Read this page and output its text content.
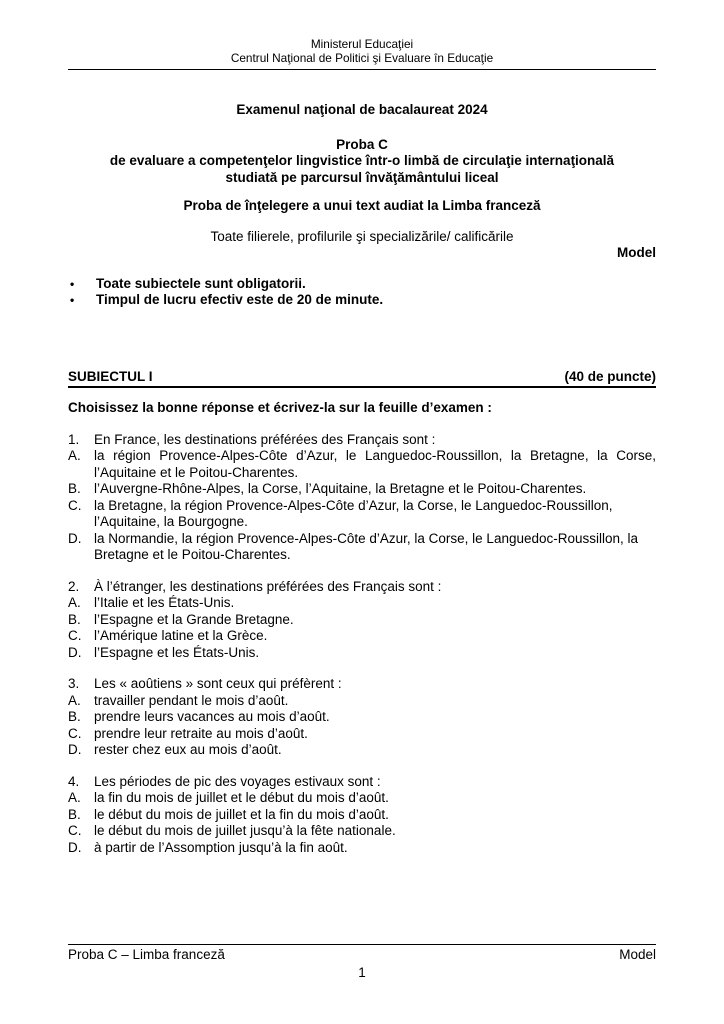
Ministerul Educaţiei
Centrul Naţional de Politici şi Evaluare în Educaţie
Examenul naţional de bacalaureat 2024
Proba C
de evaluare a competenţelor lingvistice într-o limbă de circulaţie internaţională
studiată pe parcursul învăţământului liceal
Proba de înţelegere a unui text audiat la Limba franceză
Toate filierele, profilurile şi specializările/ calificările
Model
•	Toate subiectele sunt obligatorii.
•	Timpul de lucru efectiv este de 20 de minute.
SUBIECTUL I	(40 de puncte)
Choisissez la bonne réponse et écrivez-la sur la feuille d’examen :
1.	En France, les destinations préférées des Français sont :
A. la région Provence-Alpes-Côte d’Azur, le Languedoc-Roussillon, la Bretagne, la Corse, l’Aquitaine et le Poitou-Charentes.
B. l’Auvergne-Rhône-Alpes, la Corse, l’Aquitaine, la Bretagne et le Poitou-Charentes.
C. la Bretagne, la région Provence-Alpes-Côte d’Azur, la Corse, le Languedoc-Roussillon, l’Aquitaine, la Bourgogne.
D. la Normandie, la région Provence-Alpes-Côte d’Azur, la Corse, le Languedoc-Roussillon, la Bretagne et le Poitou-Charentes.
2.	À l’étranger, les destinations préférées des Français sont :
A. l’Italie et les États-Unis.
B. l’Espagne et la Grande Bretagne.
C. l’Amérique latine et la Grèce.
D. l’Espagne et les États-Unis.
3.	Les « aoûtiens » sont ceux qui préfèrent :
A. travailler pendant le mois d’août.
B. prendre leurs vacances au mois d’août.
C. prendre leur retraite au mois d’août.
D. rester chez eux au mois d’août.
4.	Les périodes de pic des voyages estivaux sont :
A. la fin du mois de juillet et le début du mois d’août.
B. le début du mois de juillet et la fin du mois d’août.
C. le début du mois de juillet jusqu’à la fête nationale.
D. à partir de l’Assomption jusqu’à la fin août.
Proba C – Limba franceză	Model
1
